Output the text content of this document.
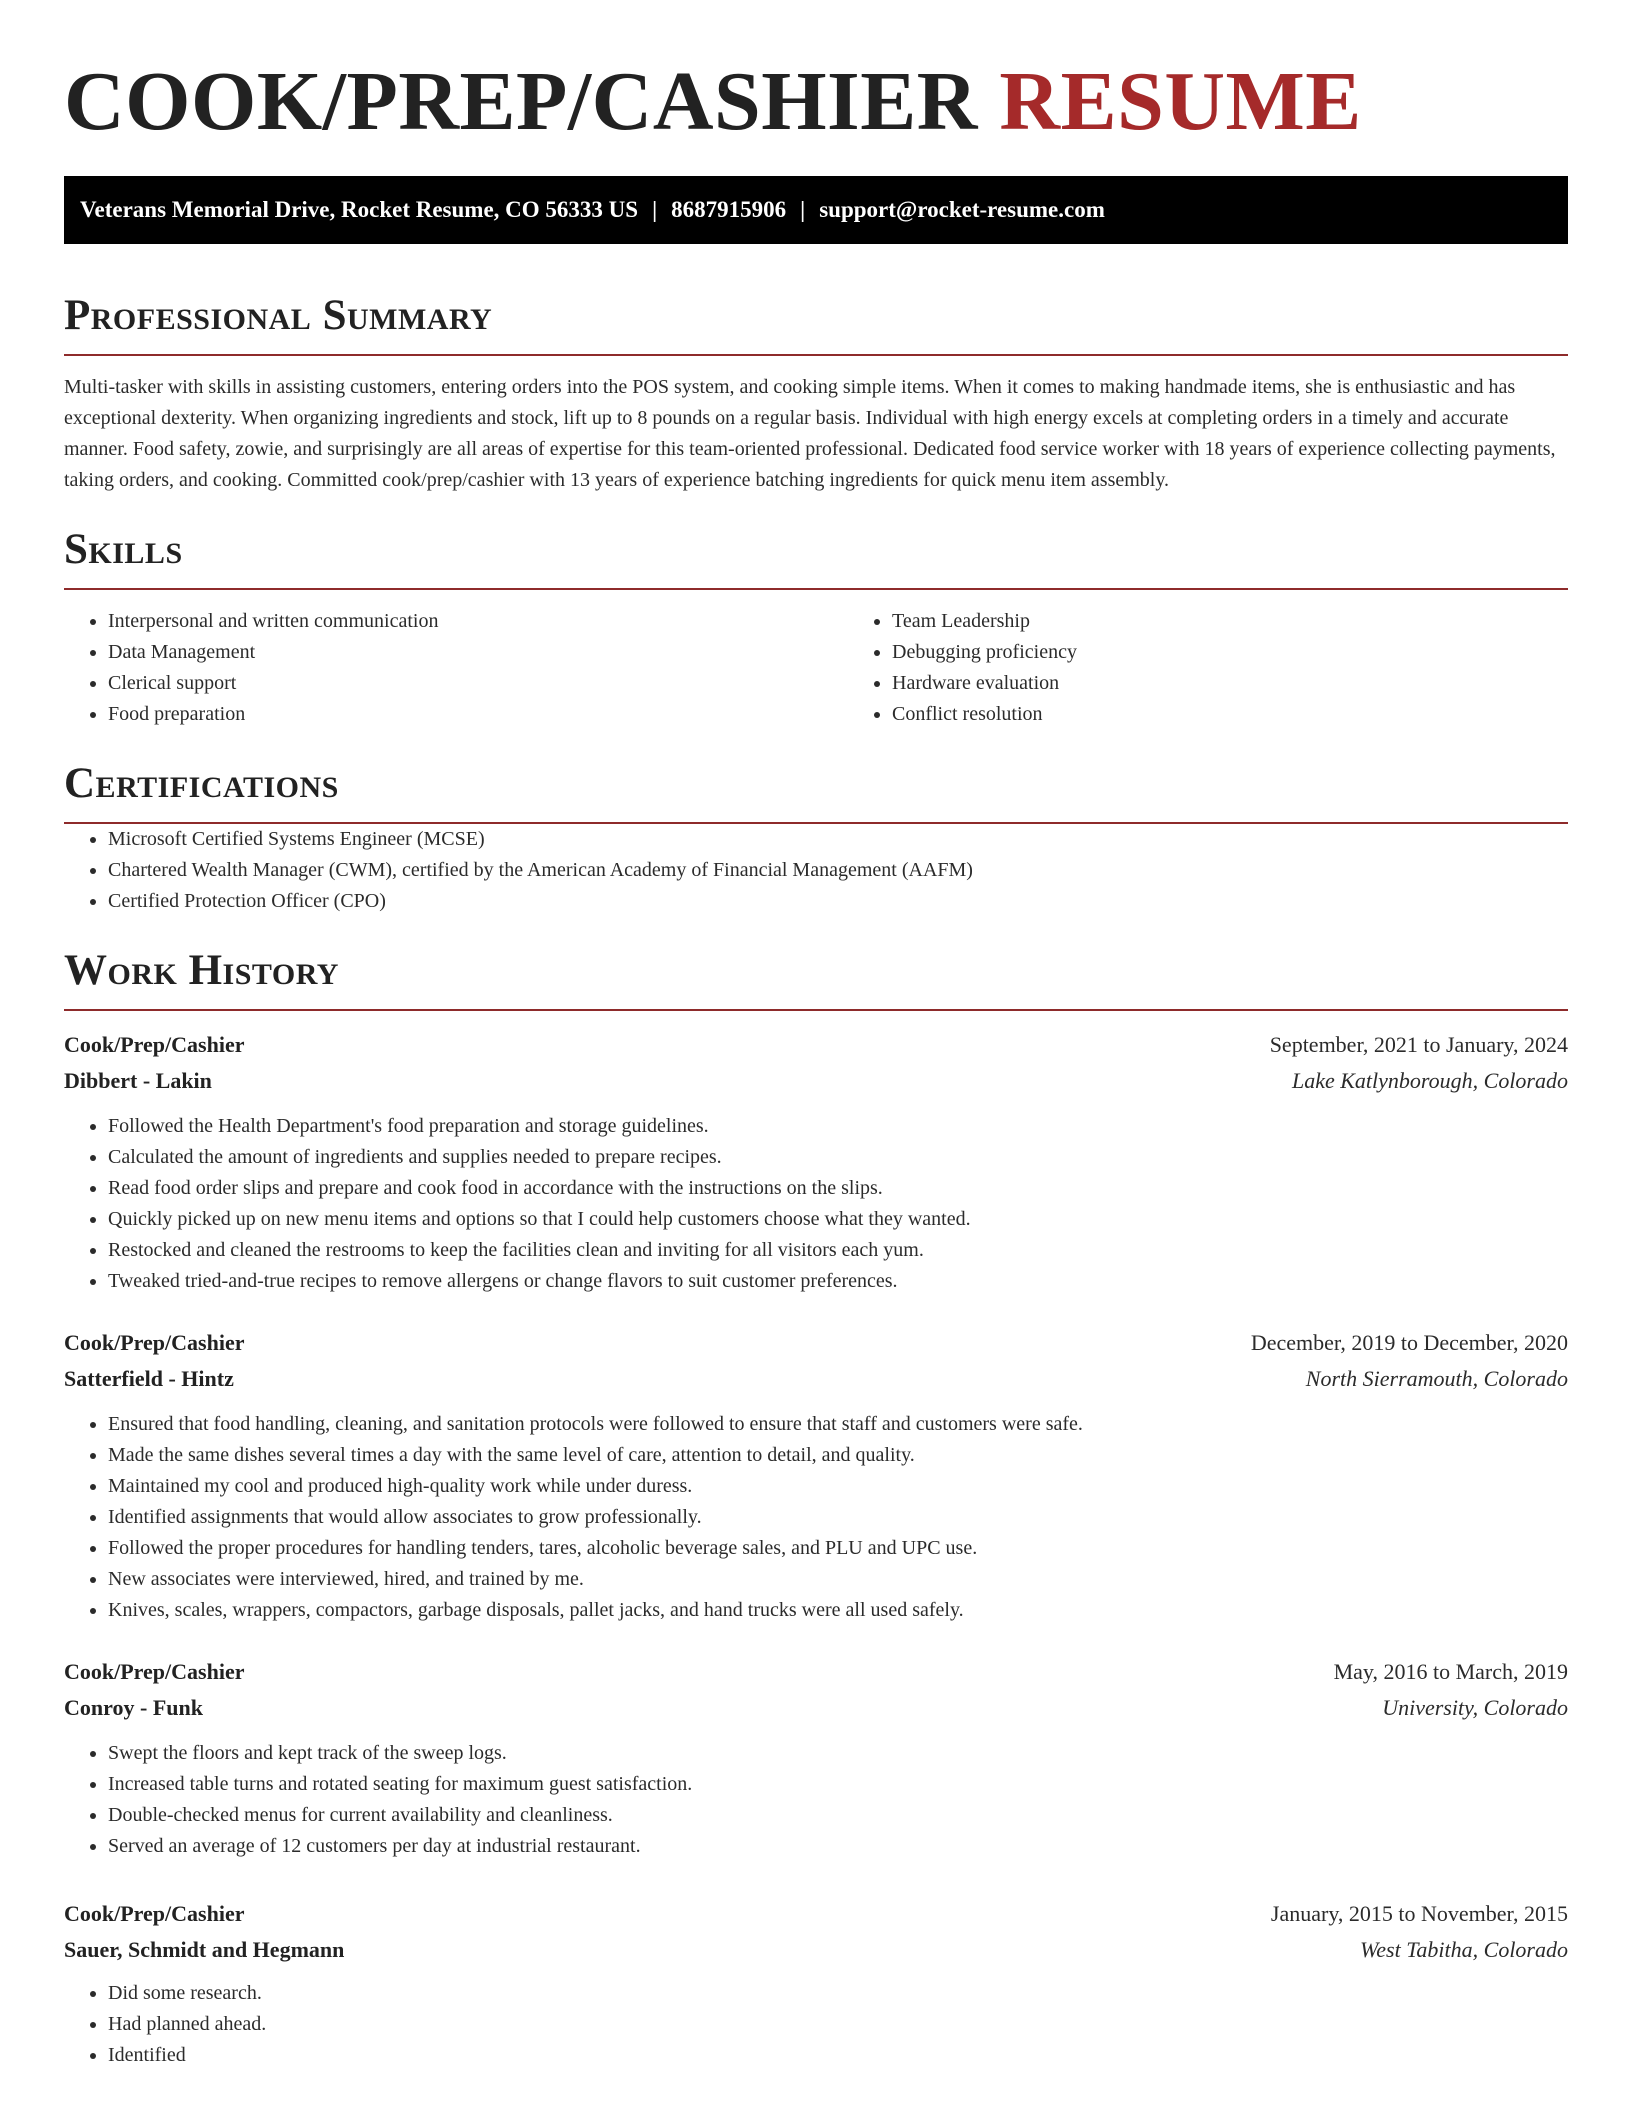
COOK/PREP/CASHIER RESUME
Veterans Memorial Drive, Rocket Resume, CO 56333 US | 8687915906 | support@rocket-resume.com
Professional Summary

Multi-tasker with skills in assisting customers, entering orders into the POS system, and cooking simple items. When it comes to making handmade items, she is enthusiastic and has exceptional dexterity. When organizing ingredients and stock, lift up to 8 pounds on a regular basis. Individual with high energy excels at completing orders in a timely and accurate manner. Food safety, zowie, and surprisingly are all areas of expertise for this team-oriented professional. Dedicated food service worker with 18 years of experience collecting payments, taking orders, and cooking. Committed cook/prep/cashier with 13 years of experience batching ingredients for quick menu item assembly.

Skills
• Interpersonal and written communication
• Data Management
• Clerical support
• Food preparation
• Team Leadership
• Debugging proficiency
• Hardware evaluation
• Conflict resolution
Certifications
• Microsoft Certified Systems Engineer (MCSE)
• Chartered Wealth Manager (CWM), certified by the American Academy of Financial Management (AAFM)
• Certified Protection Officer (CPO)
Work History
Cook/Prep/Cashier	September, 2021 to January, 2024
Dibbert - Lakin	Lake Katlynborough, Colorado
• Followed the Health Department's food preparation and storage guidelines.
• Calculated the amount of ingredients and supplies needed to prepare recipes.
• Read food order slips and prepare and cook food in accordance with the instructions on the slips.
• Quickly picked up on new menu items and options so that I could help customers choose what they wanted.
• Restocked and cleaned the restrooms to keep the facilities clean and inviting for all visitors each yum.
• Tweaked tried-and-true recipes to remove allergens or change flavors to suit customer preferences.
Cook/Prep/Cashier	December, 2019 to December, 2020
Satterfield - Hintz	North Sierramouth, Colorado
• Ensured that food handling, cleaning, and sanitation protocols were followed to ensure that staff and customers were safe.
• Made the same dishes several times a day with the same level of care, attention to detail, and quality.
• Maintained my cool and produced high-quality work while under duress.
• Identified assignments that would allow associates to grow professionally.
• Followed the proper procedures for handling tenders, tares, alcoholic beverage sales, and PLU and UPC use.
• New associates were interviewed, hired, and trained by me.
• Knives, scales, wrappers, compactors, garbage disposals, pallet jacks, and hand trucks were all used safely.
Cook/Prep/Cashier	May, 2016 to March, 2019
Conroy - Funk	University, Colorado
• Swept the floors and kept track of the sweep logs.
• Increased table turns and rotated seating for maximum guest satisfaction.
• Double-checked menus for current availability and cleanliness.
• Served an average of 12 customers per day at industrial restaurant.
Cook/Prep/Cashier	January, 2015 to November, 2015
Sauer, Schmidt and Hegmann	West Tabitha, Colorado
• Did some research.
• Had planned ahead.
• Identified
